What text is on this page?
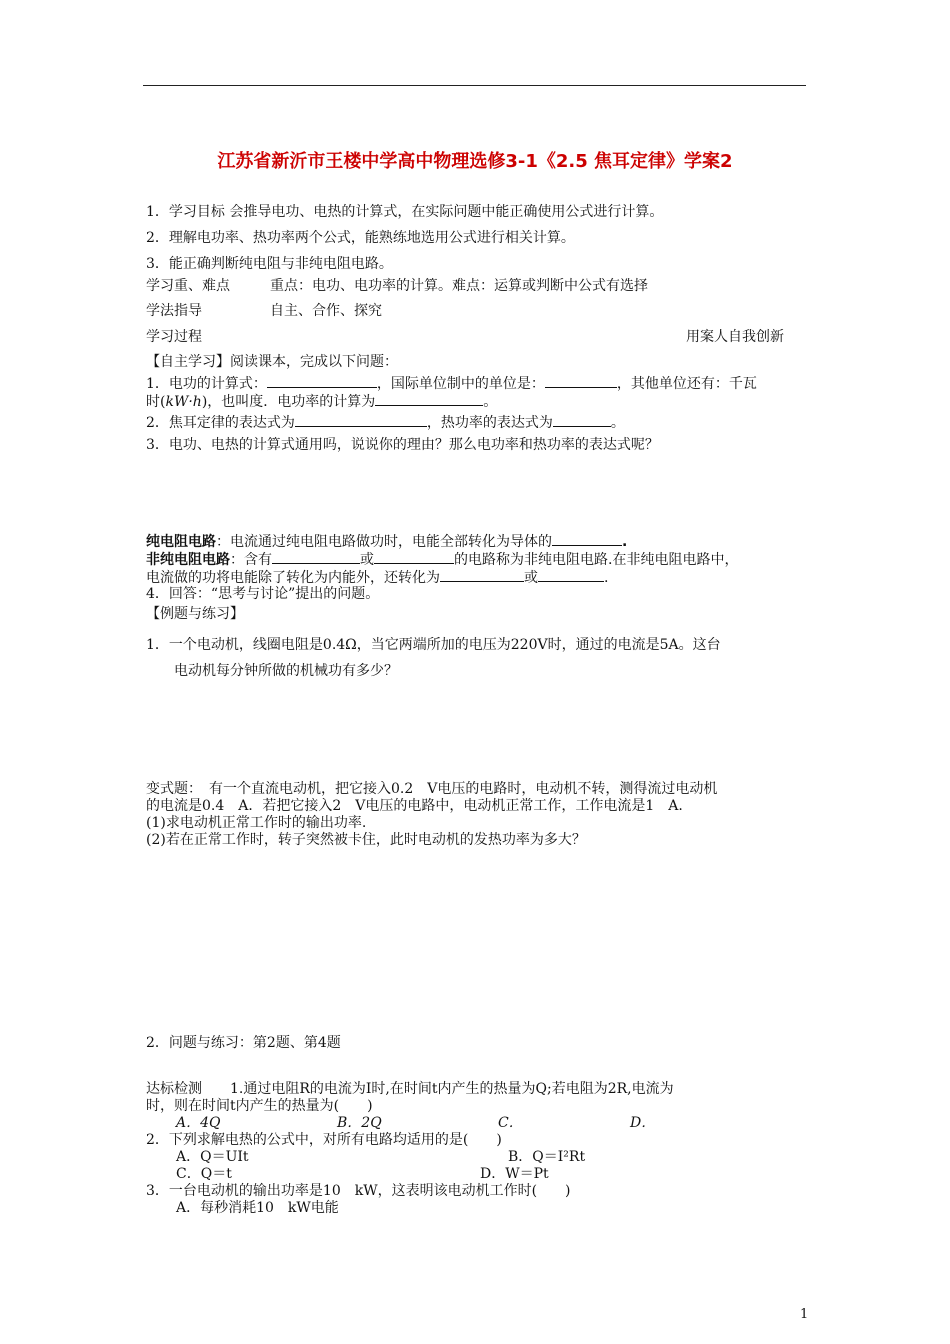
江苏省新沂市王楼中学高中物理选修3-1《2.5 焦耳定律》学案2
1．学习目标 会推导电功、电热的计算式，在实际问题中能正确使用公式进行计算。
2．理解电功率、热功率两个公式，能熟练地选用公式进行相关计算。
3．能正确判断纯电阻与非纯电阻电路。
学习重、难点	重点：电功、电功率的计算。难点：运算或判断中公式有选择
学法指导	自主、合作、探究
学习过程	用案人自我创新
【自主学习】阅读课本，完成以下问题：
1．电功的计算式：	，国际单位制中的单位是：	，其他单位还有：千瓦
时(kW·h)，也叫度．电功率的计算为	。
2．焦耳定律的表达式为	，热功率的表达式为	。
3．电功、电热的计算式通用吗，说说你的理由？那么电功率和热功率的表达式呢？
纯电阻电路：电流通过纯电阻电路做功时，电能全部转化为导体的	.
非纯电阻电路：含有	或	的电路称为非纯电阻电路.在非纯电阻电路中，
电流做的功将电能除了转化为内能外，还转化为	或	.
4．回答：“思考与讨论”提出的问题。
【例题与练习】
1．一个电动机，线圈电阻是0.4Ω，当它两端所加的电压为220V时，通过的电流是5A。这台
电动机每分钟所做的机械功有多少？
变式题：　有一个直流电动机，把它接入0.2　V电压的电路时，电动机不转，测得流过电动机
的电流是0.4　A．若把它接入2　V电压的电路中，电动机正常工作，工作电流是1　A.
(1)求电动机正常工作时的输出功率.
(2)若在正常工作时，转子突然被卡住，此时电动机的发热功率为多大？
2．问题与练习：第2题、第4题
达标检测　　1.通过电阻R的电流为I时,在时间t内产生的热量为Q;若电阻为2R,电流为
时，则在时间t内产生的热量为(　　)
A．4Q	B．2Q	C．	D．
2．下列求解电热的公式中，对所有电路均适用的是(　　)
A．Q＝UIt	B．Q＝I²Rt
C．Q＝t	D．W＝Pt
3．一台电动机的输出功率是10　kW，这表明该电动机工作时(　　)
A．每秒消耗10　kW电能
1
